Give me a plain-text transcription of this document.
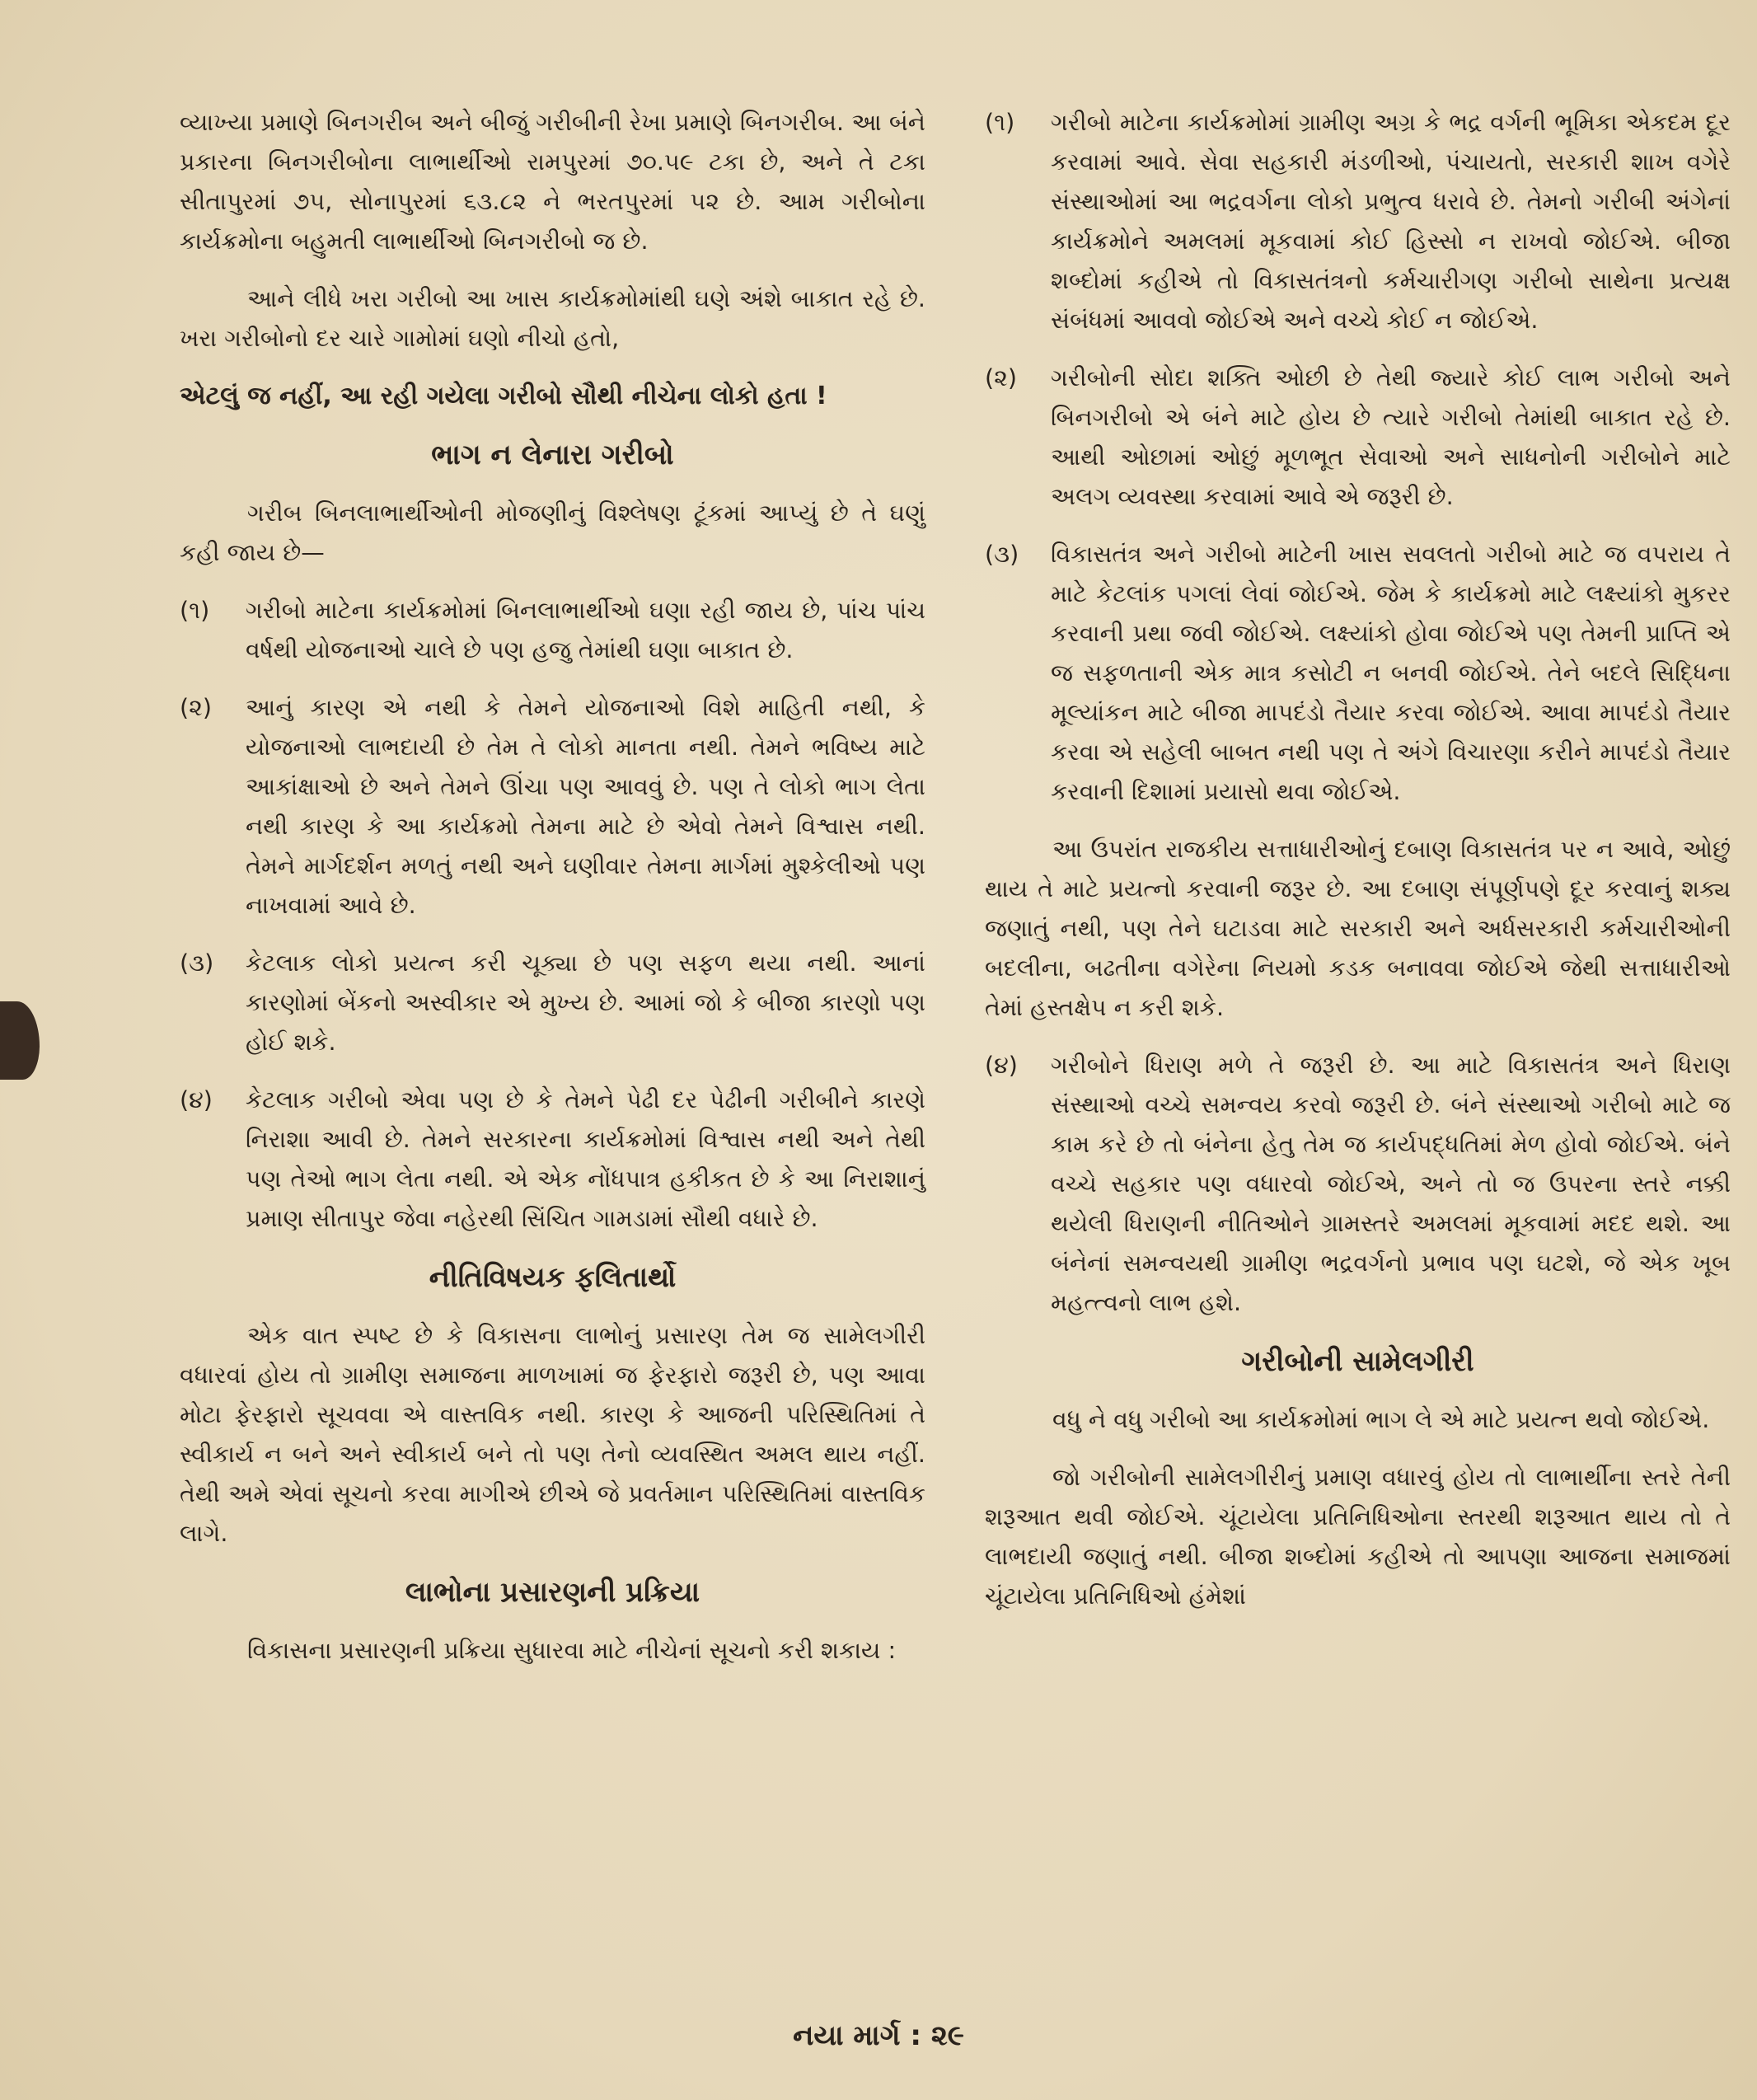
વ્યાખ્યા પ્રમાણે બિનગરીબ અને બીજું ગરીબીની રેખા પ્રમાણે બિનગરીબ. આ બંને પ્રકારના બિનગરીબોના લાભાર્થીઓ રામપુરમાં ૭૦.૫૯ ટકા છે, અને તે ટકા સીતાપુરમાં ૭૫, સોનાપુરમાં ૬૩.૮૨ ને ભરતપુરમાં ૫૨ છે. આમ ગરીબોના કાર્યક્રમોના બહુમતી લાભાર્થીઓ બિનગરીબો જ છે.

આને લીધે ખરા ગરીબો આ ખાસ કાર્યક્રમોમાંથી ઘણે અંશે બાકાત રહે છે. ખરા ગરીબોનો દર ચારે ગામોમાં ઘણો નીચો હતો,

એટલું જ નહીં, આ રહી ગયેલા ગરીબો સૌથી નીચેના લોકો હતા !

ભાગ ન લેનારા ગરીબો

ગરીબ બિનલાભાર્થીઓની મોજણીનું વિશ્લેષણ ટૂંકમાં આપ્યું છે તે ઘણું કહી જાય છે—

(૧)	ગરીબો માટેના કાર્યક્રમોમાં બિનલાભાર્થીઓ ઘણા રહી જાય છે, પાંચ પાંચ વર્ષથી યોજનાઓ ચાલે છે પણ હજુ તેમાંથી ઘણા બાકાત છે.

(૨)	આનું કારણ એ નથી કે તેમને યોજનાઓ વિશે માહિતી નથી, કે યોજનાઓ લાભદાયી છે તેમ તે લોકો માનતા નથી. તેમને ભવિષ્ય માટે આકાંક્ષાઓ છે અને તેમને ઊંચા પણ આવવું છે. પણ તે લોકો ભાગ લેતા નથી કારણ કે આ કાર્યક્રમો તેમના માટે છે એવો તેમને વિશ્વાસ નથી. તેમને માર્ગદર્શન મળતું નથી અને ઘણીવાર તેમના માર્ગમાં મુશ્કેલીઓ પણ નાખવામાં આવે છે.

(૩)	કેટલાક લોકો પ્રયત્ન કરી ચૂક્યા છે પણ સફળ થયા નથી. આનાં કારણોમાં બેંકનો અસ્વીકાર એ મુખ્ય છે. આમાં જો કે બીજા કારણો પણ હોઈ શકે.

(૪)	કેટલાક ગરીબો એવા પણ છે કે તેમને પેઢી દર પેઢીની ગરીબીને કારણે નિરાશા આવી છે. તેમને સરકારના કાર્યક્રમોમાં વિશ્વાસ નથી અને તેથી પણ તેઓ ભાગ લેતા નથી. એ એક નોંધપાત્ર હકીકત છે કે આ નિરાશાનું પ્રમાણ સીતાપુર જેવા નહેરથી સિંચિત ગામડામાં સૌથી વધારે છે.

નીતિવિષયક ફલિતાર્થો

એક વાત સ્પષ્ટ છે કે વિકાસના લાભોનું પ્રસારણ તેમ જ સામેલગીરી વધારવાં હોય તો ગ્રામીણ સમાજના માળખામાં જ ફેરફારો જરૂરી છે, પણ આવા મોટા ફેરફારો સૂચવવા એ વાસ્તવિક નથી. કારણ કે આજની પરિસ્થિતિમાં તે સ્વીકાર્ય ન બને અને સ્વીકાર્ય બને તો પણ તેનો વ્યવસ્થિત અમલ થાય નહીં. તેથી અમે એવાં સૂચનો કરવા માગીએ છીએ જે પ્રવર્તમાન પરિસ્થિતિમાં વાસ્તવિક લાગે.

લાભોના પ્રસારણની પ્રક્રિયા

વિકાસના પ્રસારણની પ્રક્રિયા સુધારવા માટે નીચેનાં સૂચનો કરી શકાય :

(૧)	ગરીબો માટેના કાર્યક્રમોમાં ગ્રામીણ અગ્ર કે ભદ્ર વર્ગની ભૂમિકા એકદમ દૂર કરવામાં આવે. સેવા સહકારી મંડળીઓ, પંચાયતો, સરકારી શાખ વગેરે સંસ્થાઓમાં આ ભદ્રવર્ગના લોકો પ્રભુત્વ ધરાવે છે. તેમનો ગરીબી અંગેનાં કાર્યક્રમોને અમલમાં મૂકવામાં કોઈ હિસ્સો ન રાખવો જોઈએ. બીજા શબ્દોમાં કહીએ તો વિકાસતંત્રનો કર્મચારીગણ ગરીબો સાથેના પ્રત્યક્ષ સંબંધમાં આવવો જોઈએ અને વચ્ચે કોઈ ન જોઈએ.

(૨)	ગરીબોની સોદા શક્તિ ઓછી છે તેથી જ્યારે કોઈ લાભ ગરીબો અને બિનગરીબો એ બંને માટે હોય છે ત્યારે ગરીબો તેમાંથી બાકાત રહે છે. આથી ઓછામાં ઓછું મૂળભૂત સેવાઓ અને સાધનોની ગરીબોને માટે અલગ વ્યવસ્થા કરવામાં આવે એ જરૂરી છે.

(૩)	વિકાસતંત્ર અને ગરીબો માટેની ખાસ સવલતો ગરીબો માટે જ વપરાય તે માટે કેટલાંક પગલાં લેવાં જોઈએ. જેમ કે કાર્યક્રમો માટે લક્ષ્યાંકો મુકરર કરવાની પ્રથા જવી જોઈએ. લક્ષ્યાંકો હોવા જોઈએ પણ તેમની પ્રાપ્તિ એ જ સફળતાની એક માત્ર કસોટી ન બનવી જોઈએ. તેને બદલે સિદ્ધિના મૂલ્યાંકન માટે બીજા માપદંડો તૈયાર કરવા જોઈએ. આવા માપદંડો તૈયાર કરવા એ સહેલી બાબત નથી પણ તે અંગે વિચારણા કરીને માપદંડો તૈયાર કરવાની દિશામાં પ્રયાસો થવા જોઈએ.

આ ઉપરાંત રાજકીય સત્તાધારીઓનું દબાણ વિકાસતંત્ર પર ન આવે, ઓછું થાય તે માટે પ્રયત્નો કરવાની જરૂર છે. આ દબાણ સંપૂર્ણપણે દૂર કરવાનું શક્ય જણાતું નથી, પણ તેને ઘટાડવા માટે સરકારી અને અર્ધસરકારી કર્મચારીઓની બદલીના, બઢતીના વગેરેના નિયમો કડક બનાવવા જોઈએ જેથી સત્તાધારીઓ તેમાં હસ્તક્ષેપ ન કરી શકે.

(૪)	ગરીબોને ધિરાણ મળે તે જરૂરી છે. આ માટે વિકાસતંત્ર અને ધિરાણ સંસ્થાઓ વચ્ચે સમન્વય કરવો જરૂરી છે. બંને સંસ્થાઓ ગરીબો માટે જ કામ કરે છે તો બંનેના હેતુ તેમ જ કાર્યપદ્ધતિમાં મેળ હોવો જોઈએ. બંને વચ્ચે સહકાર પણ વધારવો જોઈએ, અને તો જ ઉપરના સ્તરે નક્કી થયેલી ધિરાણની નીતિઓને ગ્રામસ્તરે અમલમાં મૂકવામાં મદદ થશે. આ બંનેનાં સમન્વયથી ગ્રામીણ ભદ્રવર્ગનો પ્રભાવ પણ ઘટશે, જે એક ખૂબ મહત્ત્વનો લાભ હશે.

ગરીબોની સામેલગીરી

વધુ ને વધુ ગરીબો આ કાર્યક્રમોમાં ભાગ લે એ માટે પ્રયત્ન થવો જોઈએ.

જો ગરીબોની સામેલગીરીનું પ્રમાણ વધારવું હોય તો લાભાર્થીના સ્તરે તેની શરૂઆત થવી જોઈએ. ચૂંટાયેલા પ્રતિનિધિઓના સ્તરથી શરૂઆત થાય તો તે લાભદાયી જણાતું નથી. બીજા શબ્દોમાં કહીએ તો આપણા આજના સમાજમાં ચૂંટાયેલા પ્રતિનિધિઓ હંમેશાં

નયા માર્ગ : ૨૯
